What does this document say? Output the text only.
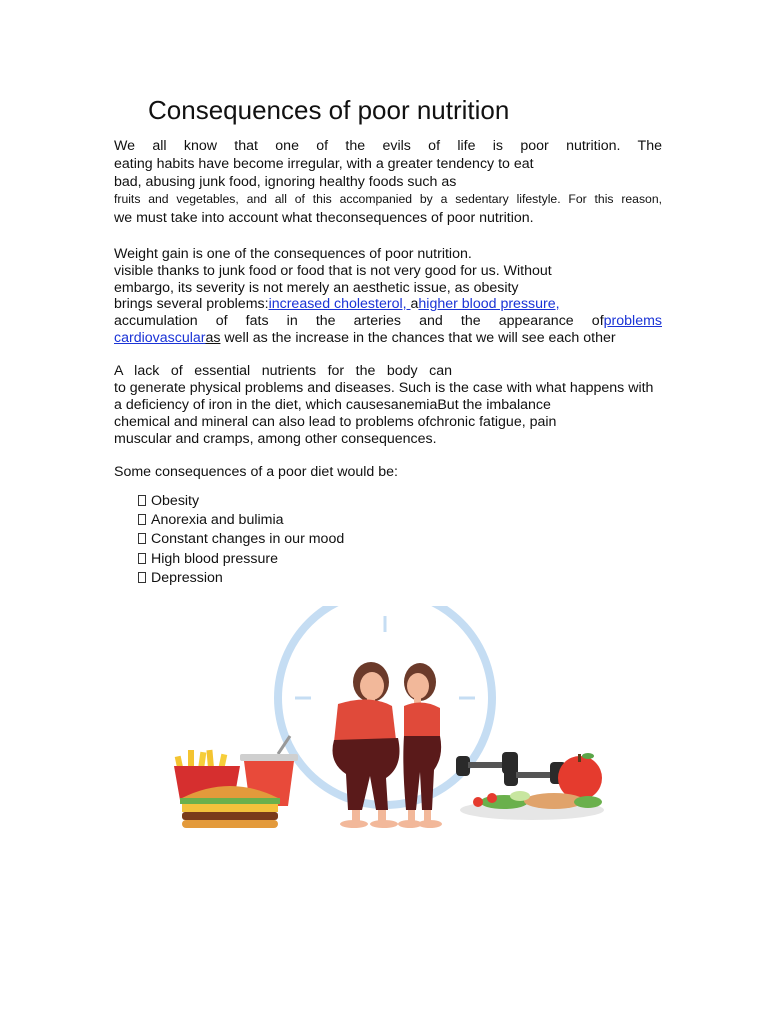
Consequences of poor nutrition
We all know that one of the evils of life is poor nutrition. The
eating habits have become irregular, with a greater tendency to eat
bad, abusing junk food, ignoring healthy foods such as
fruits and vegetables, and all of this accompanied by a sedentary lifestyle. For this reason,
we must take into account what theconsequences of poor nutrition.
Weight gain is one of the consequences of poor nutrition.
visible thanks to junk food or food that is not very good for us. Without
embargo, its severity is not merely an aesthetic issue, as obesity
brings several problems:increased cholesterol, ahigher blood pressure,
accumulation of fats in the arteries and the appearance of problems
cardiovascularas well as the increase in the chances that we will see each other
A lack of essential nutrients for the body can
to generate physical problems and diseases. Such is the case with what happens with
a deficiency of iron in the diet, which causesanemiaBut the imbalance
chemical and mineral can also lead to problems ofchronic fatigue, pain
muscular and cramps, among other consequences.
Some consequences of a poor diet would be:
Obesity
Anorexia and bulimia
Constant changes in our mood
High blood pressure
Depression
